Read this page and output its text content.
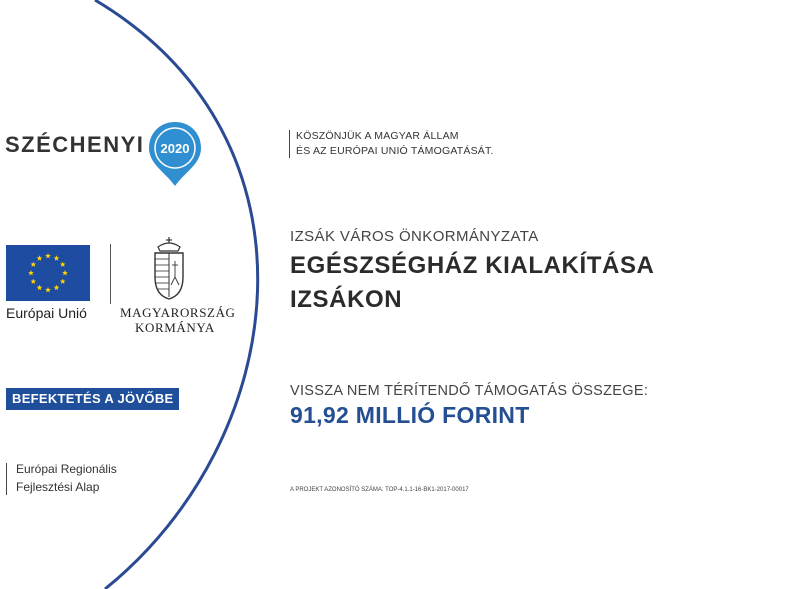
SZÉCHENYI 2020
Európai Unió	MAGYARORSZÁG
KORMÁNYA
BEFEKTETÉS A JÖVŐBE
Európai Regionális
Fejlesztési Alap
KÖSZÖNJÜK A MAGYAR ÁLLAM
ÉS AZ EURÓPAI UNIÓ TÁMOGATÁSÁT.
IZSÁK VÁROS ÖNKORMÁNYZATA
EGÉSZSÉGHÁZ KIALAKÍTÁSA
IZSÁKON
VISSZA NEM TÉRÍTENDŐ TÁMOGATÁS ÖSSZEGE:
91,92 MILLIÓ FORINT
A PROJEKT AZONOSÍTÓ SZÁMA: TOP-4.1.1-16-BK1-2017-00017
